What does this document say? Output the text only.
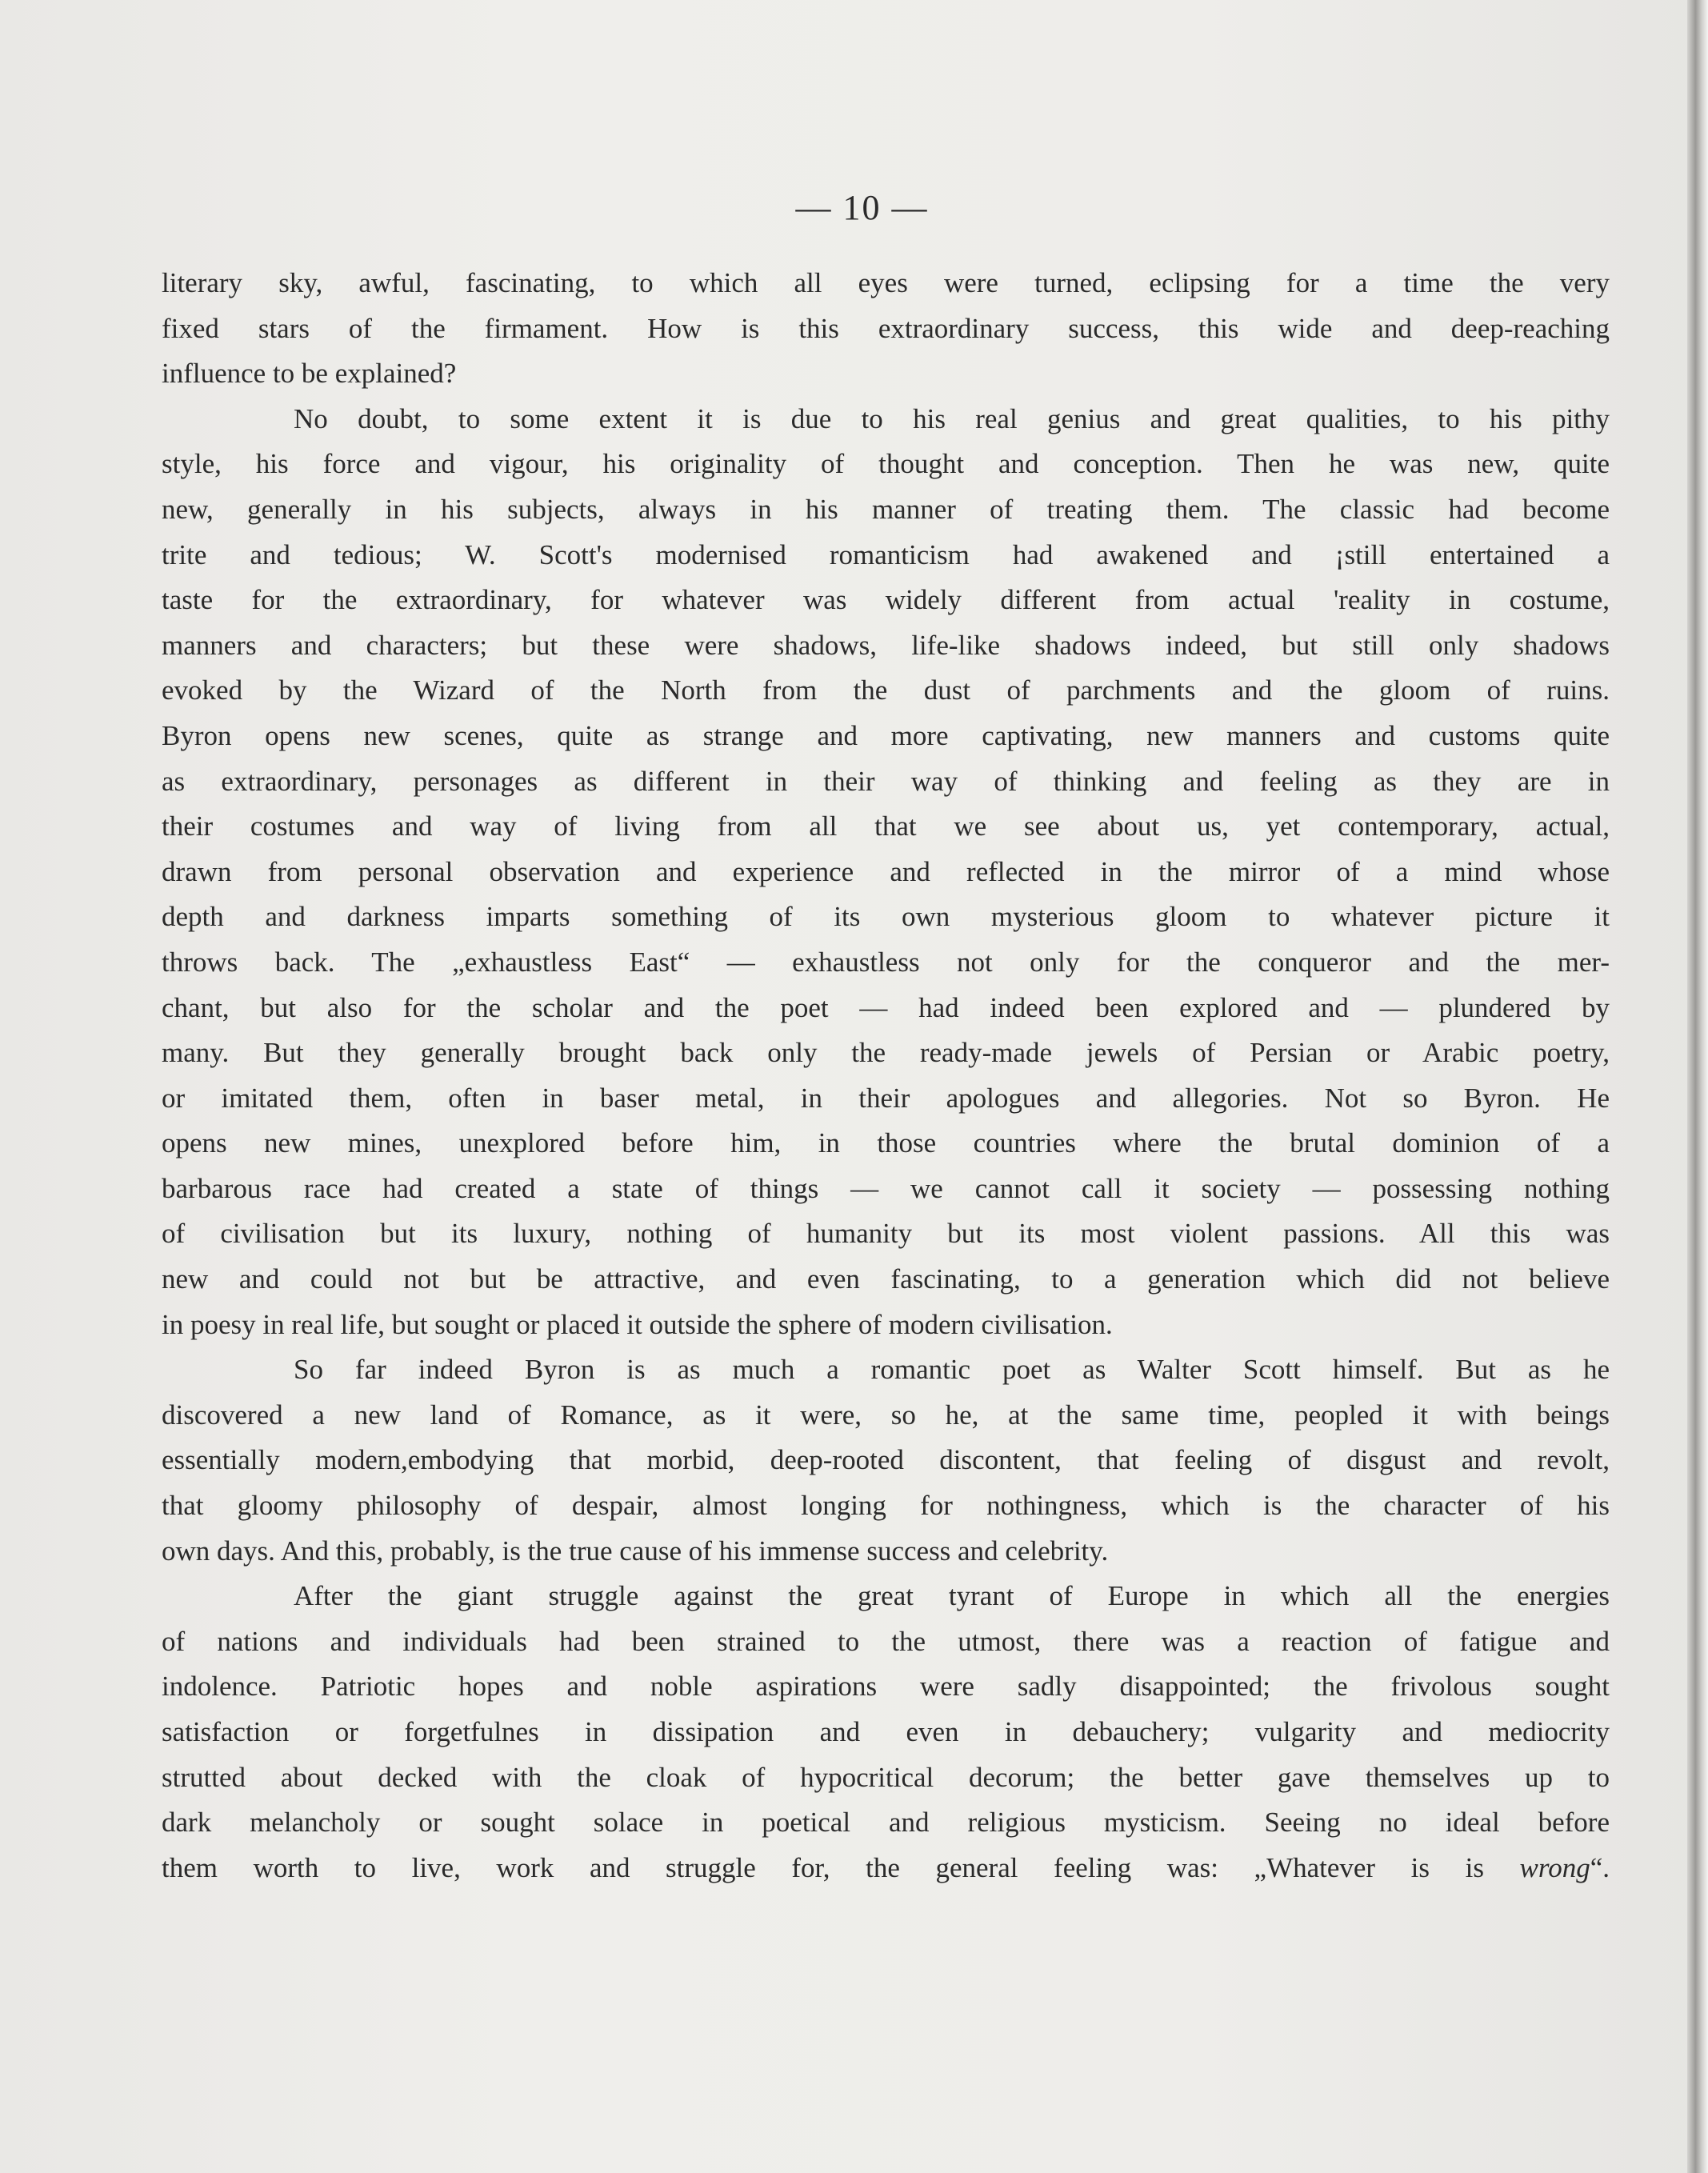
— 10 —
literary sky, awful, fascinating, to which all eyes were turned, eclipsing for a time the very
fixed stars of the firmament. How is this extraordinary success, this wide and deep-reaching
influence to be explained?
No doubt, to some extent it is due to his real genius and great qualities, to his pithy
style, his force and vigour, his originality of thought and conception. Then he was new, quite
new, generally in his subjects, always in his manner of treating them. The classic had become
trite and tedious; W. Scott's modernised romanticism had awakened and ¡still entertained a
taste for the extraordinary, for whatever was widely different from actual 'reality in costume,
manners and characters; but these were shadows, life-like shadows indeed, but still only shadows
evoked by the Wizard of the North from the dust of parchments and the gloom of ruins.
Byron opens new scenes, quite as strange and more captivating, new manners and customs quite
as extraordinary, personages as different in their way of thinking and feeling as they are in
their costumes and way of living from all that we see about us, yet contemporary, actual,
drawn from personal observation and experience and reflected in the mirror of a mind whose
depth and darkness imparts something of its own mysterious gloom to whatever picture it
throws back. The „exhaustless East“ — exhaustless not only for the conqueror and the mer-
chant, but also for the scholar and the poet — had indeed been explored and — plundered by
many. But they generally brought back only the ready-made jewels of Persian or Arabic poetry,
or imitated them, often in baser metal, in their apologues and allegories. Not so Byron. He
opens new mines, unexplored before him, in those countries where the brutal dominion of a
barbarous race had created a state of things — we cannot call it society — possessing nothing
of civilisation but its luxury, nothing of humanity but its most violent passions. All this was
new and could not but be attractive, and even fascinating, to a generation which did not believe
in poesy in real life, but sought or placed it outside the sphere of modern civilisation.
So far indeed Byron is as much a romantic poet as Walter Scott himself. But as he
discovered a new land of Romance, as it were, so he, at the same time, peopled it with beings
essentially modern,embodying that morbid, deep-rooted discontent, that feeling of disgust and revolt,
that gloomy philosophy of despair, almost longing for nothingness, which is the character of his
own days. And this, probably, is the true cause of his immense success and celebrity.
After the giant struggle against the great tyrant of Europe in which all the energies
of nations and individuals had been strained to the utmost, there was a reaction of fatigue and
indolence. Patriotic hopes and noble aspirations were sadly disappointed; the frivolous sought
satisfaction or forgetfulnes in dissipation and even in debauchery; vulgarity and mediocrity
strutted about decked with the cloak of hypocritical decorum; the better gave themselves up to
dark melancholy or sought solace in poetical and religious mysticism. Seeing no ideal before
them worth to live, work and struggle for, the general feeling was: „Whatever is is wrong“.
